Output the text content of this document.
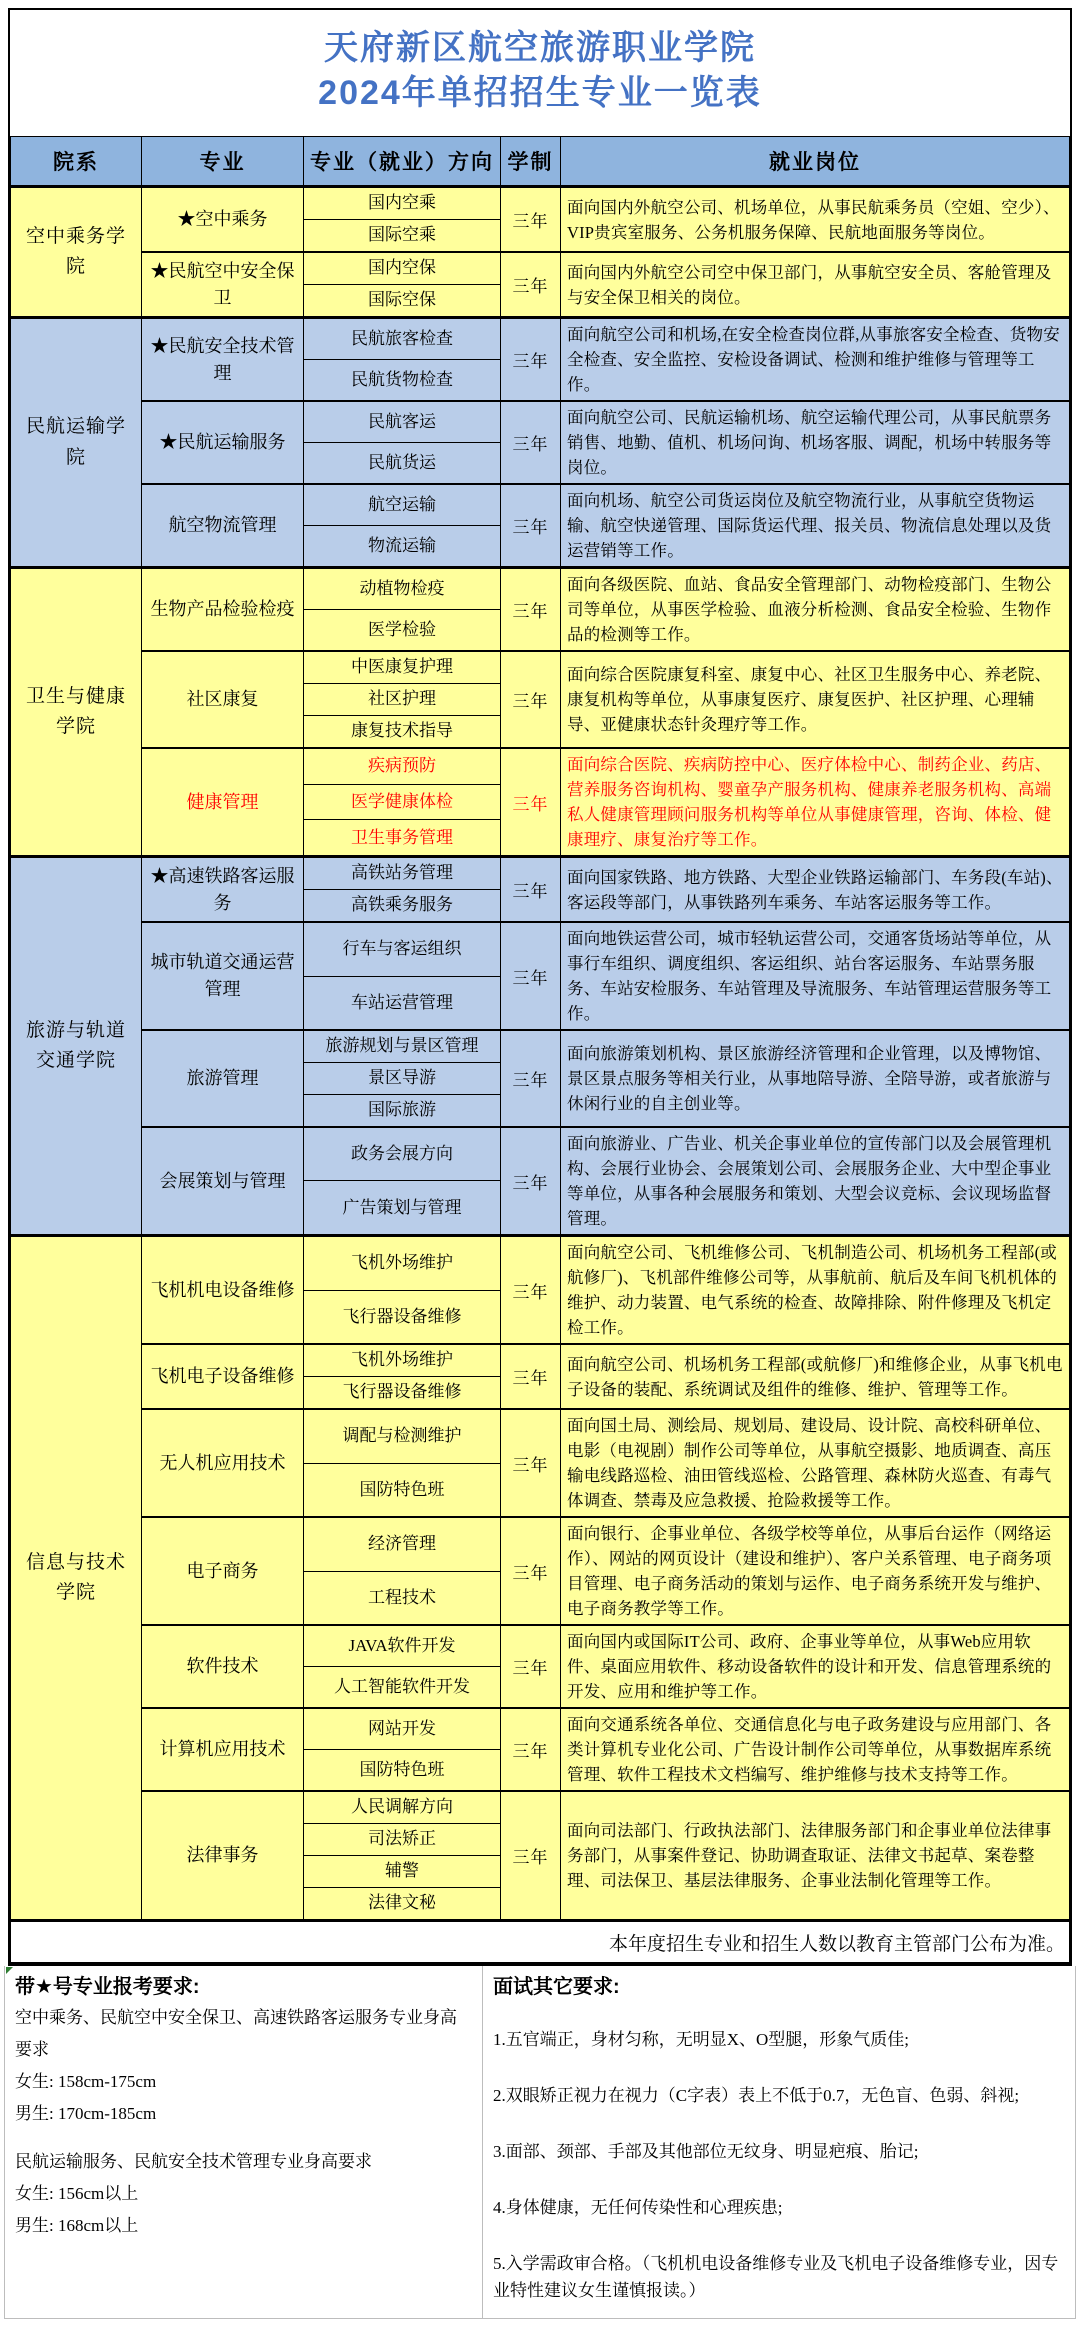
天府新区航空旅游职业学院
2024年单招招生专业一览表
院系	专业	专业（就业）方向	学制	就业岗位
空中乘务学院	★空中乘务	国内空乘	三年	面向国内外航空公司、机场单位，从事民航乘务员（空姐、空少）、VIP贵宾室服务、公务机服务保障、民航地面服务等岗位。
		国际空乘		
	★民航空中安全保卫	国内空保	三年	面向国内外航空公司空中保卫部门，从事航空安全员、客舱管理及与安全保卫相关的岗位。
		国际空保		
民航运输学院	★民航安全技术管理	民航旅客检查	三年	面向航空公司和机场,在安全检查岗位群,从事旅客安全检查、货物安全检查、安全监控、安检设备调试、检测和维护维修与管理等工作。
		民航货物检查		
	★民航运输服务	民航客运	三年	面向航空公司、民航运输机场、航空运输代理公司，从事民航票务销售、地勤、值机、机场问询、机场客服、调配，机场中转服务等岗位。
		民航货运		
	航空物流管理	航空运输	三年	面向机场、航空公司货运岗位及航空物流行业，从事航空货物运输、航空快递管理、国际货运代理、报关员、物流信息处理以及货运营销等工作。
		物流运输		
卫生与健康学院	生物产品检验检疫	动植物检疫	三年	面向各级医院、血站、食品安全管理部门、动物检疫部门、生物公司等单位，从事医学检验、血液分析检测、食品安全检验、生物作品的检测等工作。
		医学检验		
	社区康复	中医康复护理	三年	面向综合医院康复科室、康复中心、社区卫生服务中心、养老院、康复机构等单位，从事康复医疗、康复医护、社区护理、心理辅导、亚健康状态针灸理疗等工作。
		社区护理		
		康复技术指导		
	健康管理	疾病预防	三年	面向综合医院、疾病防控中心、医疗体检中心、制药企业、药店、营养服务咨询机构、婴童孕产服务机构、健康养老服务机构、高端私人健康管理顾问服务机构等单位从事健康管理，咨询、体检、健康理疗、康复治疗等工作。
		医学健康体检		
		卫生事务管理		
旅游与轨道交通学院	★高速铁路客运服务	高铁站务管理	三年	面向国家铁路、地方铁路、大型企业铁路运输部门、车务段(车站)、客运段等部门，从事铁路列车乘务、车站客运服务等工作。
		高铁乘务服务		
	城市轨道交通运营管理	行车与客运组织	三年	面向地铁运营公司，城市轻轨运营公司，交通客货场站等单位，从事行车组织、调度组织、客运组织、站台客运服务、车站票务服务、车站安检服务、车站管理及导流服务、车站管理运营服务等工作。
		车站运营管理		
	旅游管理	旅游规划与景区管理	三年	面向旅游策划机构、景区旅游经济管理和企业管理，以及博物馆、景区景点服务等相关行业，从事地陪导游、全陪导游，或者旅游与休闲行业的自主创业等。
		景区导游		
		国际旅游		
	会展策划与管理	政务会展方向	三年	面向旅游业、广告业、机关企事业单位的宣传部门以及会展管理机构、会展行业协会、会展策划公司、会展服务企业、大中型企事业等单位，从事各种会展服务和策划、大型会议竞标、会议现场监督管理。
		广告策划与管理		
信息与技术学院	飞机机电设备维修	飞机外场维护	三年	面向航空公司、飞机维修公司、飞机制造公司、机场机务工程部(或航修厂)、飞机部件维修公司等，从事航前、航后及车间飞机机体的维护、动力装置、电气系统的检查、故障排除、附件修理及飞机定检工作。
		飞行器设备维修		
	飞机电子设备维修	飞机外场维护	三年	面向航空公司、机场机务工程部(或航修厂)和维修企业，从事飞机电子设备的装配、系统调试及组件的维修、维护、管理等工作。
		飞行器设备维修		
	无人机应用技术	调配与检测维护	三年	面向国土局、测绘局、规划局、建设局、设计院、高校科研单位、电影（电视剧）制作公司等单位，从事航空摄影、地质调查、高压输电线路巡检、油田管线巡检、公路管理、森林防火巡查、有毒气体调查、禁毒及应急救援、抢险救援等工作。
		国防特色班		
	电子商务	经济管理	三年	面向银行、企事业单位、各级学校等单位，从事后台运作（网络运作）、网站的网页设计（建设和维护）、客户关系管理、电子商务项目管理、电子商务活动的策划与运作、电子商务系统开发与维护、电子商务教学等工作。
		工程技术		
	软件技术	JAVA软件开发	三年	面向国内或国际IT公司、政府、企事业等单位，从事Web应用软件、桌面应用软件、移动设备软件的设计和开发、信息管理系统的开发、应用和维护等工作。
		人工智能软件开发		
	计算机应用技术	网站开发	三年	面向交通系统各单位、交通信息化与电子政务建设与应用部门、各类计算机专业化公司、广告设计制作公司等单位，从事数据库系统管理、软件工程技术文档编写、维护维修与技术支持等工作。
		国防特色班		
	法律事务	人民调解方向	三年	面向司法部门、行政执法部门、法律服务部门和企事业单位法律事务部门，从事案件登记、协助调查取证、法律文书起草、案卷整理、司法保卫、基层法律服务、企事业法制化管理等工作。
		司法矫正		
		辅警		
		法律文秘		
本年度招生专业和招生人数以教育主管部门公布为准。				
带★号专业报考要求:
空中乘务、民航空中安全保卫、高速铁路客运服务专业身高要求
女生: 158cm-175cm
男生: 170cm-185cm
民航运输服务、民航安全技术管理专业身高要求
女生: 156cm以上
男生: 168cm以上
面试其它要求:
1.五官端正，身材匀称，无明显X、O型腿，形象气质佳;
2.双眼矫正视力在视力（C字表）表上不低于0.7，无色盲、色弱、斜视;
3.面部、颈部、手部及其他部位无纹身、明显疤痕、胎记;
4.身体健康，无任何传染性和心理疾患;
5.入学需政审合格。（飞机机电设备维修专业及飞机电子设备维修专业，因专业特性建议女生谨慎报读。）
